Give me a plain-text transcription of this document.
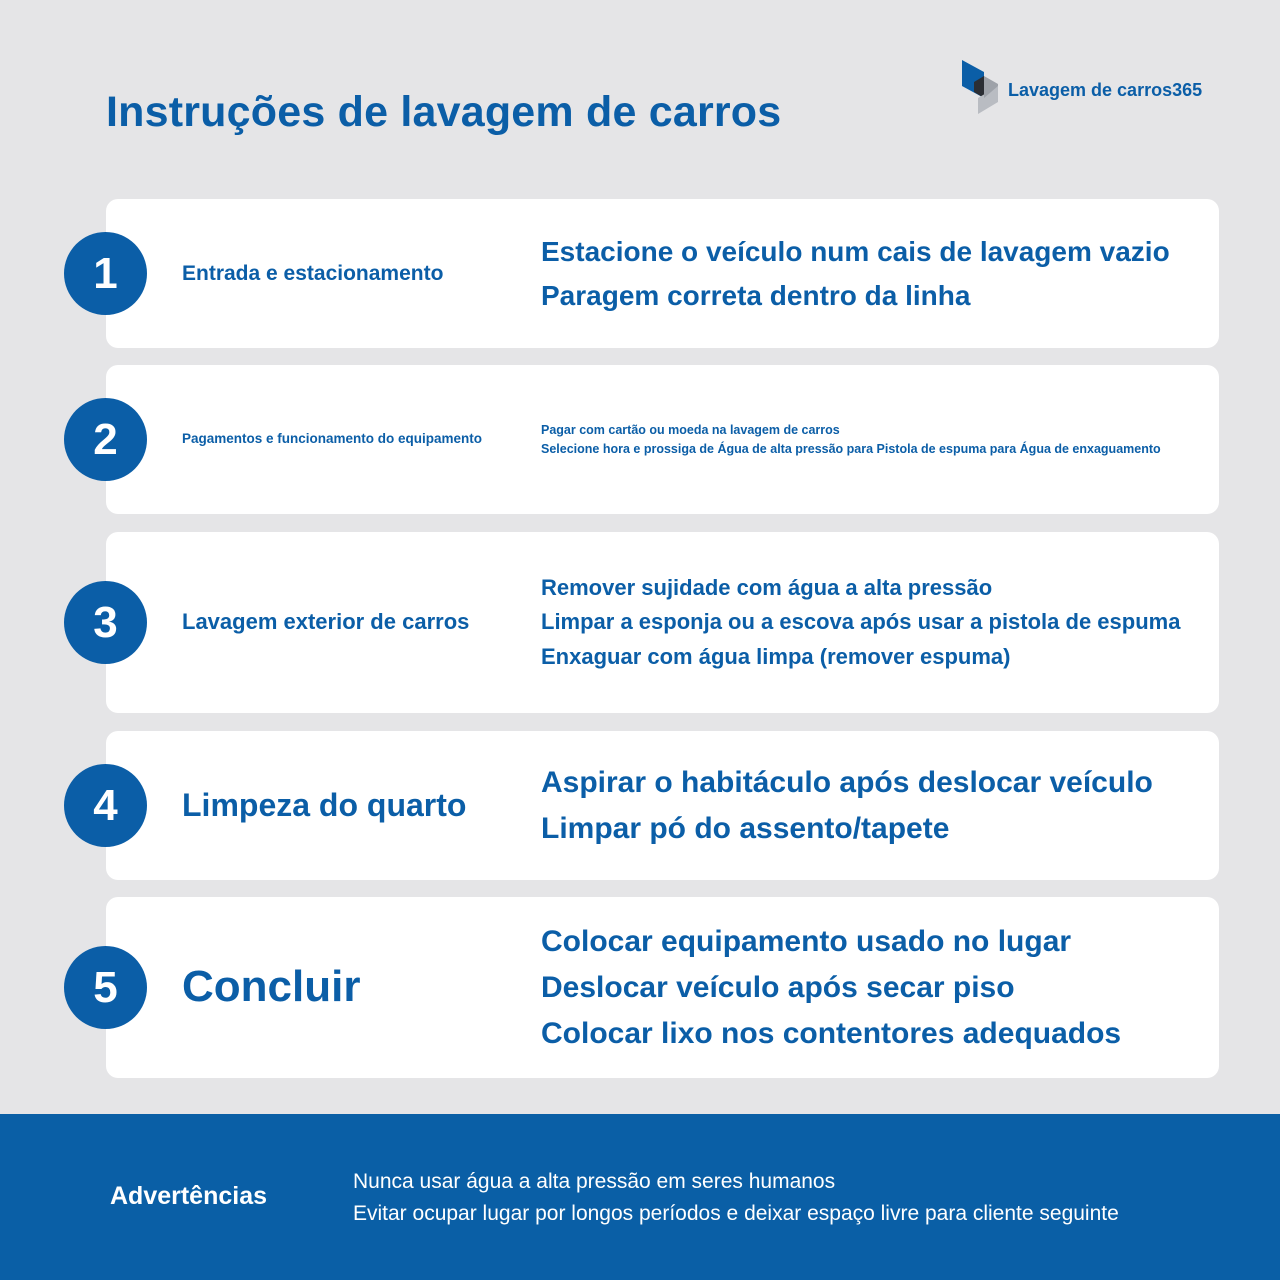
Instruções de lavagem de carros	Lavagem de carros365
1	Entrada e estacionamento
Estacione o veículo num cais de lavagem vazio
Paragem correta dentro da linha
2	Pagamentos e funcionamento do equipamento
Pagar com cartão ou moeda na lavagem de carros
Selecione hora e prossiga de Água de alta pressão para Pistola de espuma para Água de enxaguamento
3	Lavagem exterior de carros
Remover sujidade com água a alta pressão
Limpar a esponja ou a escova após usar a pistola de espuma
Enxaguar com água limpa (remover espuma)
4	Limpeza do quarto
Aspirar o habitáculo após deslocar veículo
Limpar pó do assento/tapete
5	Concluir
Colocar equipamento usado no lugar
Deslocar veículo após secar piso
Colocar lixo nos contentores adequados
Advertências
Nunca usar água a alta pressão em seres humanos
Evitar ocupar lugar por longos períodos e deixar espaço livre para cliente seguinte
